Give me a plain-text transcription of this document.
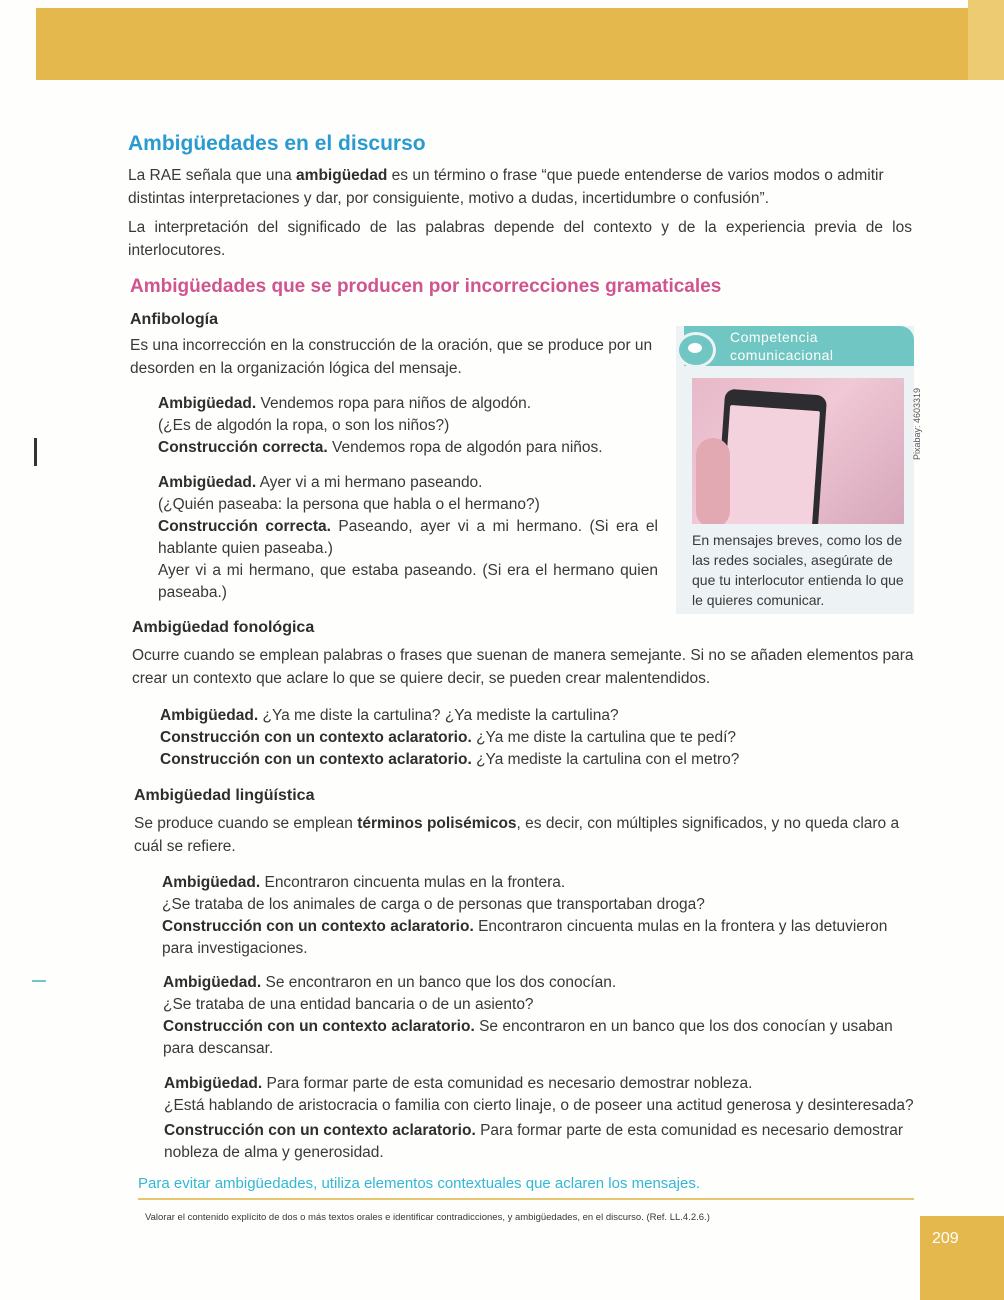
Ambigüedades en el discurso
La RAE señala que una ambigüedad es un término o frase “que puede entenderse de varios modos o admitir distintas interpretaciones y dar, por consiguiente, motivo a dudas, incertidumbre o confusión”.
La interpretación del significado de las palabras depende del contexto y de la experiencia previa de los interlocutores.
Ambigüedades que se producen por incorrecciones gramaticales
Anfibología
Es una incorrección en la construcción de la oración, que se produce por un desorden en la organización lógica del mensaje.
Ambigüedad. Vendemos ropa para niños de algodón.
(¿Es de algodón la ropa, o son los niños?)
Construcción correcta. Vendemos ropa de algodón para niños.
Ambigüedad. Ayer vi a mi hermano paseando.
(¿Quién paseaba: la persona que habla o el hermano?)
Construcción correcta. Paseando, ayer vi a mi hermano. (Si era el hablante quien paseaba.)
Ayer vi a mi hermano, que estaba paseando. (Si era el hermano quien paseaba.)
Competencia
comunicacional
En mensajes breves, como los de las redes sociales, asegúrate de que tu interlocutor entienda lo que le quieres comunicar.
Pixabay: 4603319
Ambigüedad fonológica
Ocurre cuando se emplean palabras o frases que suenan de manera semejante. Si no se añaden elementos para crear un contexto que aclare lo que se quiere decir, se pueden crear malentendidos.
Ambigüedad. ¿Ya me diste la cartulina? ¿Ya mediste la cartulina?
Construcción con un contexto aclaratorio. ¿Ya me diste la cartulina que te pedí?
Construcción con un contexto aclaratorio. ¿Ya mediste la cartulina con el metro?
Ambigüedad lingüística
Se produce cuando se emplean términos polisémicos, es decir, con múltiples significados, y no queda claro a cuál se refiere.
Ambigüedad. Encontraron cincuenta mulas en la frontera.
¿Se trataba de los animales de carga o de personas que transportaban droga?
Construcción con un contexto aclaratorio. Encontraron cincuenta mulas en la frontera y las detuvieron para investigaciones.
Ambigüedad. Se encontraron en un banco que los dos conocían.
¿Se trataba de una entidad bancaria o de un asiento?
Construcción con un contexto aclaratorio. Se encontraron en un banco que los dos conocían y usaban para descansar.
Ambigüedad. Para formar parte de esta comunidad es necesario demostrar nobleza.
¿Está hablando de aristocracia o familia con cierto linaje, o de poseer una actitud generosa y desinteresada?
Construcción con un contexto aclaratorio. Para formar parte de esta comunidad es necesario demostrar nobleza de alma y generosidad.
Para evitar ambigüedades, utiliza elementos contextuales que aclaren los mensajes.
Valorar el contenido explícito de dos o más textos orales e identificar contradicciones, y ambigüedades, en el discurso. (Ref. LL.4.2.6.)
209
